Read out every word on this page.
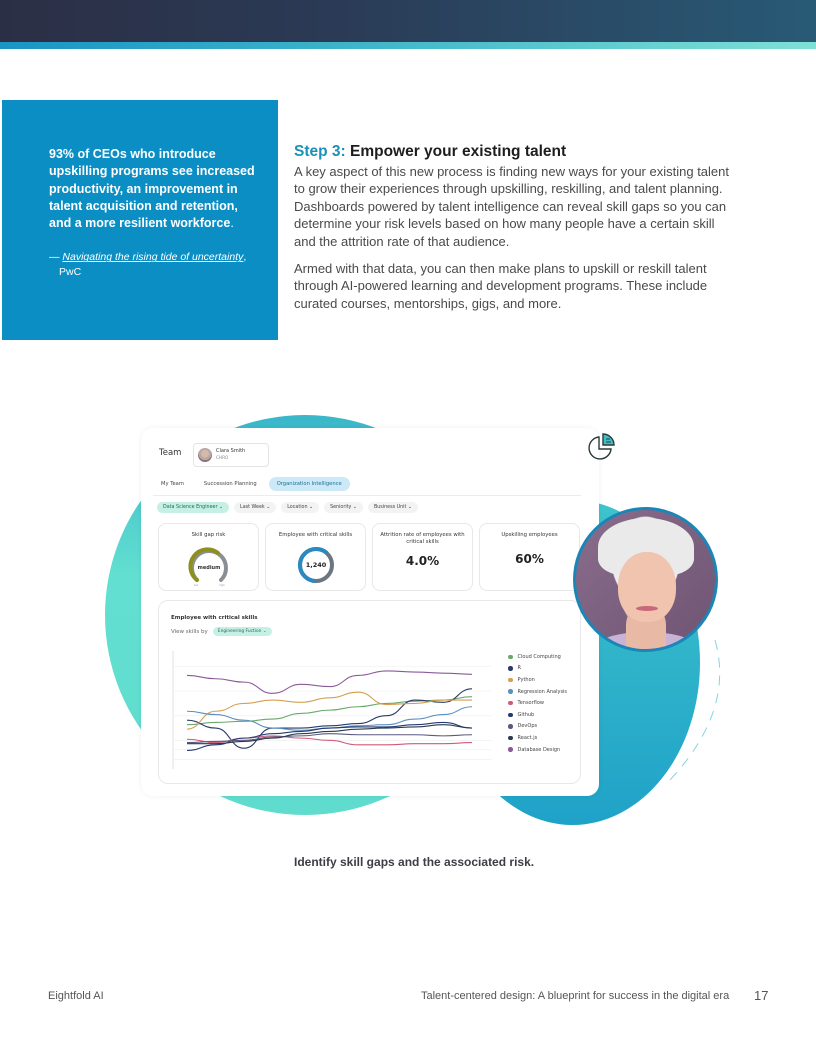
93% of CEOs who introduce upskilling programs see increased productivity, an improvement in talent acquisition and retention, and a more resilient workforce.
— Navigating the rising tide of uncertainty, PwC
Step 3: Empower your existing talent

A key aspect of this new process is finding new ways for your existing talent to grow their experiences through upskilling, reskilling, and talent planning. Dashboards powered by talent intelligence can reveal skill gaps so you can determine your risk levels based on how many people have a certain skill and the attrition rate of that audience.

Armed with that data, you can then make plans to upskill or reskill talent through AI-powered learning and development programs. These include curated courses, mentorships, gigs, and more.

Team	Clara Smith
CHRO
My Team	Succession Planning	Organization Intelligence
Data Science Engineer ⌄	Last Week ⌄	Location ⌄	Seniority ⌄	Business Unit ⌄
Skill gap risk
medium
low	high
Employee with critical skills
1,240
Attrition rate of employees with critical skills
4.0%
Upskilling employees
60%
Employee with critical skills
View skills by	Engineering Fuction ⌄
Cloud Computing
R
Python
Regression Analysis
Tensorflow
Github
DevOps
React.js
Database Design
Identify skill gaps and the associated risk.
Eightfold AI	Talent-centered design: A blueprint for success in the digital era 17
